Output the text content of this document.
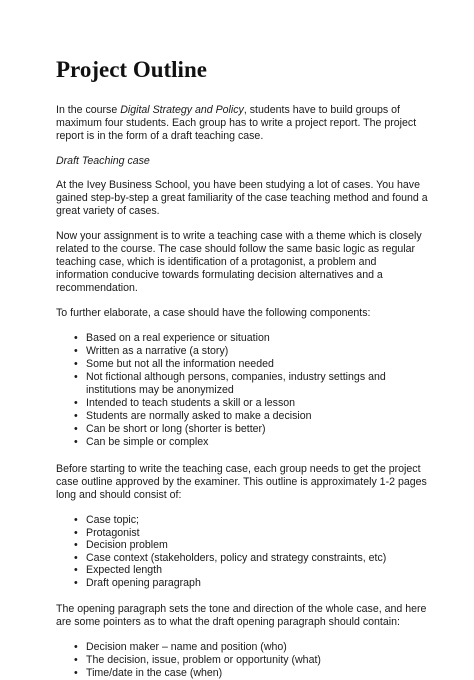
Project Outline

In the course Digital Strategy and Policy, students have to build groups of maximum four students. Each group has to write a project report. The project report is in the form of a draft teaching case.

Draft Teaching case

At the Ivey Business School, you have been studying a lot of cases. You have gained step-by-step a great familiarity of the case teaching method and found a great variety of cases.

Now your assignment is to write a teaching case with a theme which is closely related to the course. The case should follow the same basic logic as regular teaching case, which is identification of a protagonist, a problem and information conducive towards formulating decision alternatives and a recommendation.

To further elaborate, a case should have the following components:

• Based on a real experience or situation
• Written as a narrative (a story)
• Some but not all the information needed
• Not fictional although persons, companies, industry settings and institutions may be anonymized
• Intended to teach students a skill or a lesson
• Students are normally asked to make a decision
• Can be short or long (shorter is better)
• Can be simple or complex

Before starting to write the teaching case, each group needs to get the project case outline approved by the examiner. This outline is approximately 1-2 pages long and should consist of:

• Case topic;
• Protagonist
• Decision problem
• Case context (stakeholders, policy and strategy constraints, etc)
• Expected length
• Draft opening paragraph

The opening paragraph sets the tone and direction of the whole case, and here are some pointers as to what the draft opening paragraph should contain:

• Decision maker – name and position (who)
• The decision, issue, problem or opportunity (what)
• Time/date in the case (when)
